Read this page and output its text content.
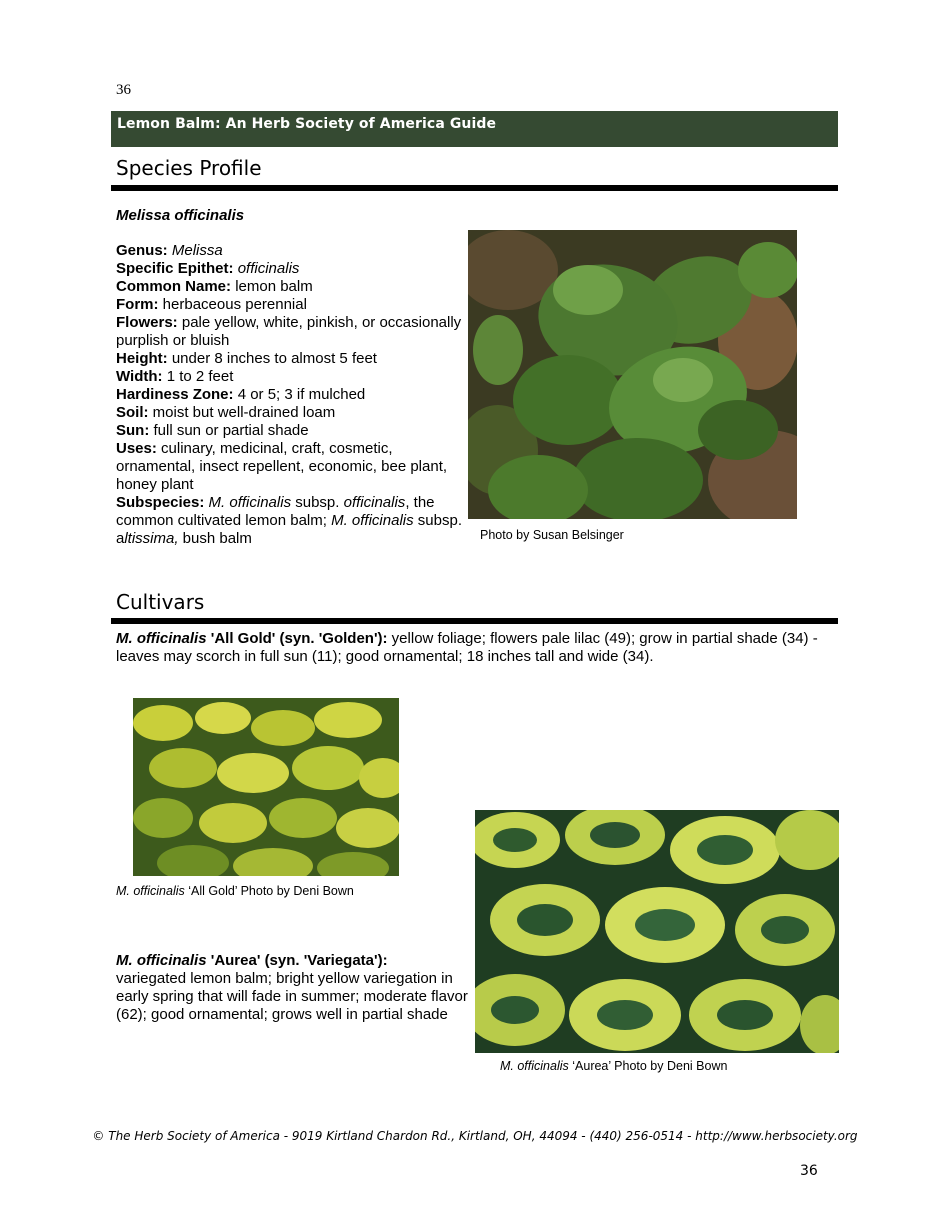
36
Lemon Balm: An Herb Society of America Guide
Species Profile
Melissa officinalis

Genus: Melissa

Specific Epithet: officinalis

Common Name: lemon balm

Form: herbaceous perennial

Flowers: pale yellow, white, pinkish, or occasionally purplish or bluish

Height: under 8 inches to almost 5 feet

Width: 1 to 2 feet

Hardiness Zone: 4 or 5; 3 if mulched

Soil: moist but well-drained loam

Sun: full sun or partial shade

Uses: culinary, medicinal, craft, cosmetic, ornamental, insect repellent, economic, bee plant, honey plant

Subspecies: M. officinalis subsp. officinalis, the common cultivated lemon balm; M. officinalis subsp. altissima, bush balm	Photo by Susan Belsinger
Cultivars
M. officinalis 'All Gold' (syn. 'Golden'): yellow foliage; flowers pale lilac (49); grow in partial shade (34) - leaves may scorch in full sun (11); good ornamental; 18 inches tall and wide (34).
M. officinalis ‘All Gold’ Photo by Deni Bown
M. officinalis 'Aurea' (syn. 'Variegata'):
variegated lemon balm; bright yellow variegation in early spring that will fade in summer; moderate flavor (62); good ornamental; grows well in partial shade
M. officinalis ‘Aurea’ Photo by Deni Bown
© The Herb Society of America - 9019 Kirtland Chardon Rd., Kirtland, OH, 44094 - (440) 256-0514 - http://www.herbsociety.org
36
